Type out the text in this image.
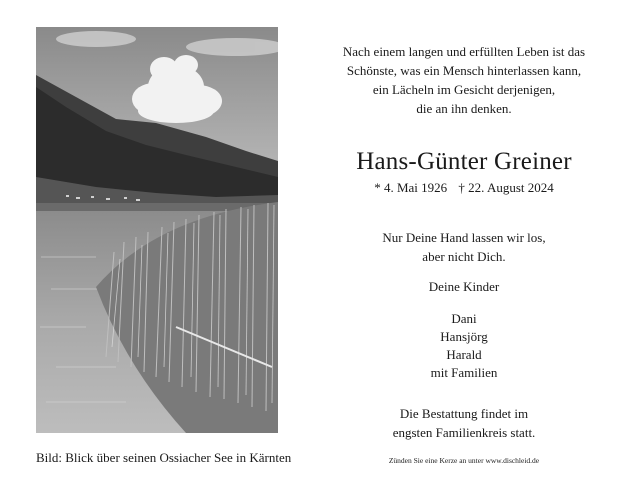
Bild: Blick über seinen Ossiacher See in Kärnten
Nach einem langen und erfüllten Leben ist das
Schönste, was ein Mensch hinterlassen kann,
ein Lächeln im Gesicht derjenigen,
die an ihn denken.
Hans-Günter Greiner
* 4. Mai 1926 † 22. August 2024
Nur Deine Hand lassen wir los,
aber nicht Dich.
Deine Kinder
Dani
Hansjörg
Harald
mit Familien
Die Bestattung findet im
engsten Familienkreis statt.
Zünden Sie eine Kerze an unter www.dischleid.de
